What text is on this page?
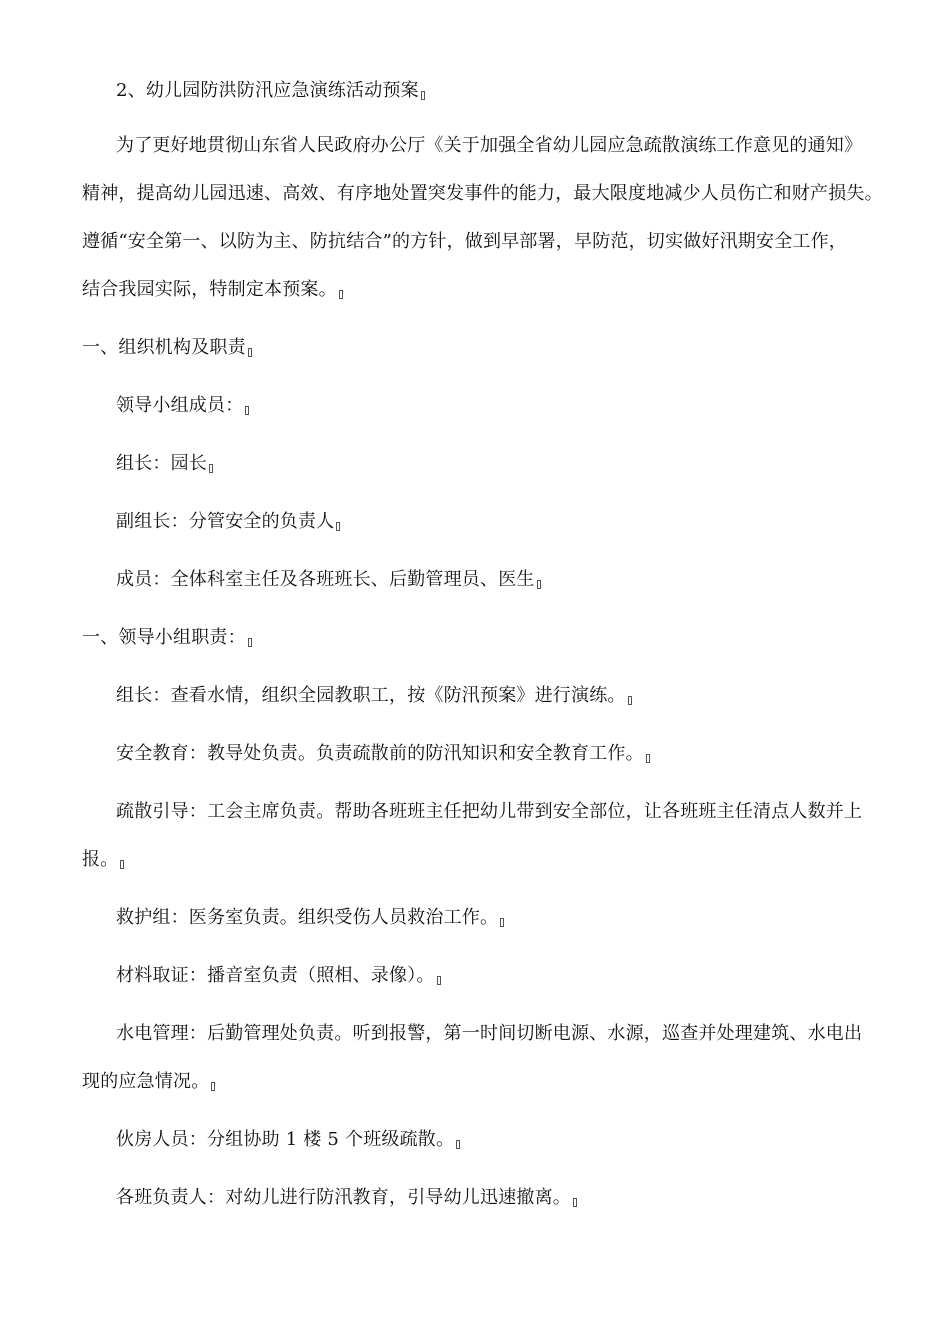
2、幼儿园防洪防汛应急演练活动预案
为了更好地贯彻山东省人民政府办公厅《关于加强全省幼儿园应急疏散演练工作意见的通知》
精神，提高幼儿园迅速、高效、有序地处置突发事件的能力，最大限度地减少人员伤亡和财产损失。
遵循“安全第一、以防为主、防抗结合”的方针，做到早部署，早防范，切实做好汛期安全工作，
结合我园实际，特制定本预案。
一、组织机构及职责
领导小组成员：
组长：园长
副组长：分管安全的负责人
成员：全体科室主任及各班班长、后勤管理员、医生
一、领导小组职责：
组长：查看水情，组织全园教职工，按《防汛预案》进行演练。
安全教育：教导处负责。负责疏散前的防汛知识和安全教育工作。
疏散引导：工会主席负责。帮助各班班主任把幼儿带到安全部位，让各班班主任清点人数并上
报。
救护组：医务室负责。组织受伤人员救治工作。
材料取证：播音室负责（照相、录像）。
水电管理：后勤管理处负责。听到报警，第一时间切断电源、水源，巡查并处理建筑、水电出
现的应急情况。
伙房人员：分组协助 1 楼 5 个班级疏散。
各班负责人：对幼儿进行防汛教育，引导幼儿迅速撤离。
